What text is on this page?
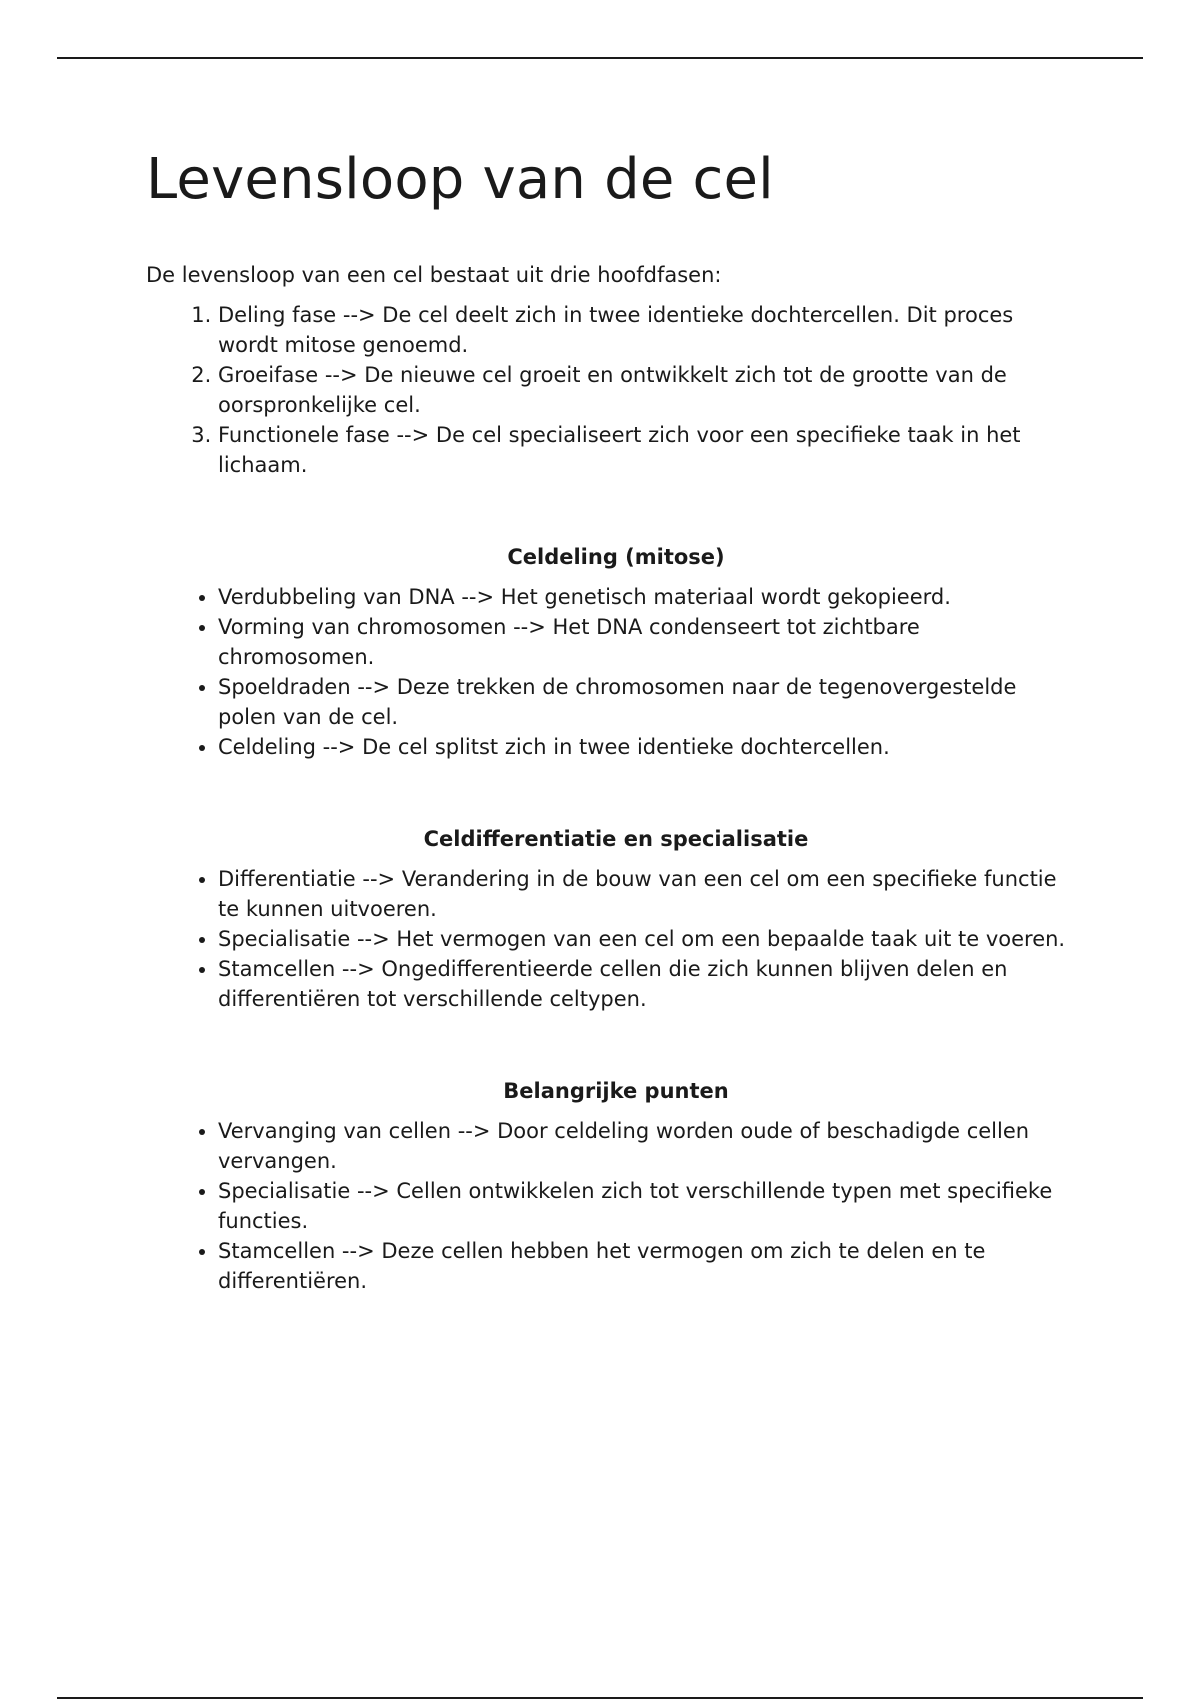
Levensloop van de cel

De levensloop van een cel bestaat uit drie hoofdfasen:

1. Deling fase --> De cel deelt zich in twee identieke dochtercellen. Dit proces wordt mitose genoemd.
2. Groeifase --> De nieuwe cel groeit en ontwikkelt zich tot de grootte van de oorspronkelijke cel.
3. Functionele fase --> De cel specialiseert zich voor een specifieke taak in het lichaam.
Celdeling (mitose)
• Verdubbeling van DNA --> Het genetisch materiaal wordt gekopieerd.
• Vorming van chromosomen --> Het DNA condenseert tot zichtbare chromosomen.
• Spoeldraden --> Deze trekken de chromosomen naar de tegenovergestelde polen van de cel.
• Celdeling --> De cel splitst zich in twee identieke dochtercellen.
Celdifferentiatie en specialisatie
• Differentiatie --> Verandering in de bouw van een cel om een specifieke functie te kunnen uitvoeren.
• Specialisatie --> Het vermogen van een cel om een bepaalde taak uit te voeren.
• Stamcellen --> Ongedifferentieerde cellen die zich kunnen blijven delen en differentiëren tot verschillende celtypen.
Belangrijke punten
• Vervanging van cellen --> Door celdeling worden oude of beschadigde cellen vervangen.
• Specialisatie --> Cellen ontwikkelen zich tot verschillende typen met specifieke functies.
• Stamcellen --> Deze cellen hebben het vermogen om zich te delen en te differentiëren.
